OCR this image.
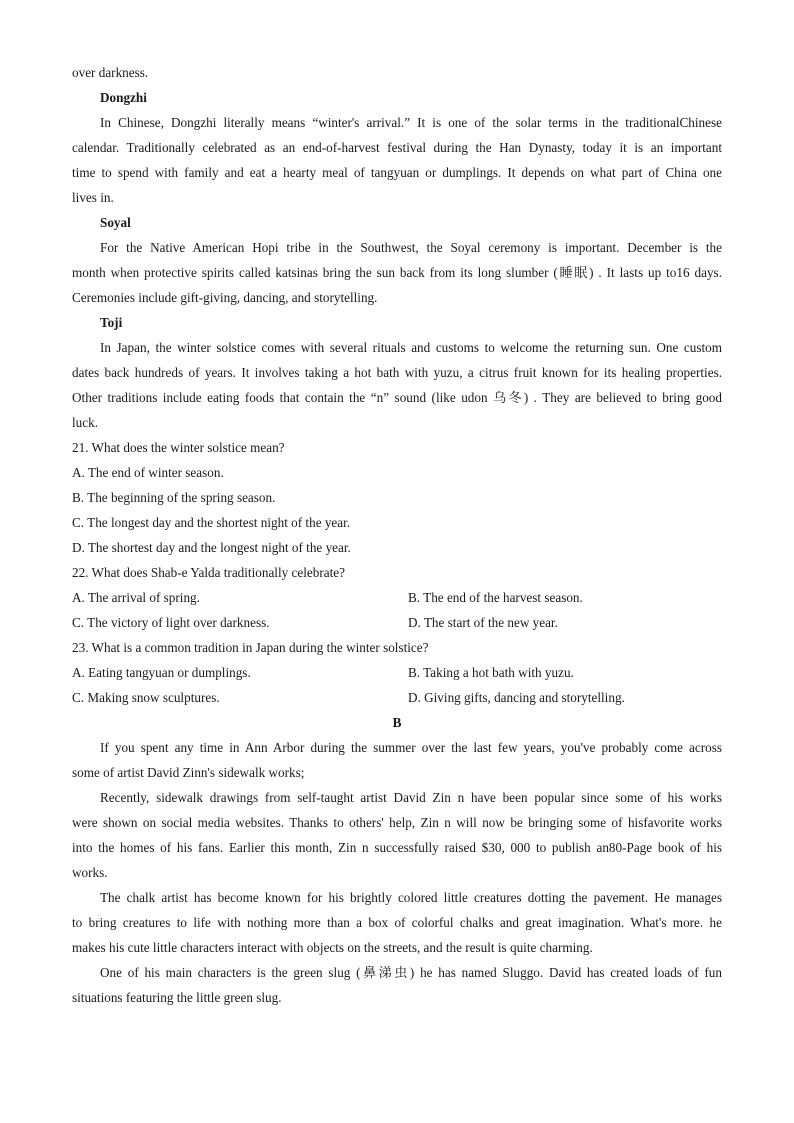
over darkness.
Dongzhi
In Chinese, Dongzhi literally means “winter's arrival.” It is one of the solar terms in the traditionalChinese
calendar. Traditionally celebrated as an end-of-harvest festival during the Han Dynasty, today it is an important
time to spend with family and eat a hearty meal of tangyuan or dumplings. It depends on what part of China one
lives in.
Soyal
For the Native American Hopi tribe in the Southwest, the Soyal ceremony is important. December is the
month when protective spirits called katsinas bring the sun back from its long slumber (睡眠) . It lasts up to16 days.
Ceremonies include gift-giving, dancing, and storytelling.
Toji
In Japan, the winter solstice comes with several rituals and customs to welcome the returning sun. One custom
dates back hundreds of years. It involves taking a hot bath with yuzu, a citrus fruit known for its healing properties.
Other traditions include eating foods that contain the “n” sound (like udon 乌冬) . They are believed to bring good
luck.
21. What does the winter solstice mean?
A. The end of winter season.
B. The beginning of the spring season.
C. The longest day and the shortest night of the year.
D. The shortest day and the longest night of the year.
22. What does Shab-e Yalda traditionally celebrate?
A. The arrival of spring.	B. The end of the harvest season.
C. The victory of light over darkness.	D. The start of the new year.
23. What is a common tradition in Japan during the winter solstice?
A. Eating tangyuan or dumplings.	B. Taking a hot bath with yuzu.
C. Making snow sculptures.	D. Giving gifts, dancing and storytelling.
B
If you spent any time in Ann Arbor during the summer over the last few years, you've probably come across
some of artist David Zinn's sidewalk works;
Recently, sidewalk drawings from self-taught artist David Zin n have been popular since some of his works
were shown on social media websites. Thanks to others' help, Zin n will now be bringing some of hisfavorite works
into the homes of his fans. Earlier this month, Zin n successfully raised $30, 000 to publish an80-Page book of his
works.
The chalk artist has become known for his brightly colored little creatures dotting the pavement. He manages
to bring creatures to life with nothing more than a box of colorful chalks and great imagination. What's more. he
makes his cute little characters interact with objects on the streets, and the result is quite charming.
One of his main characters is the green slug (鼻涕虫) he has named Sluggo. David has created loads of fun
situations featuring the little green slug.
